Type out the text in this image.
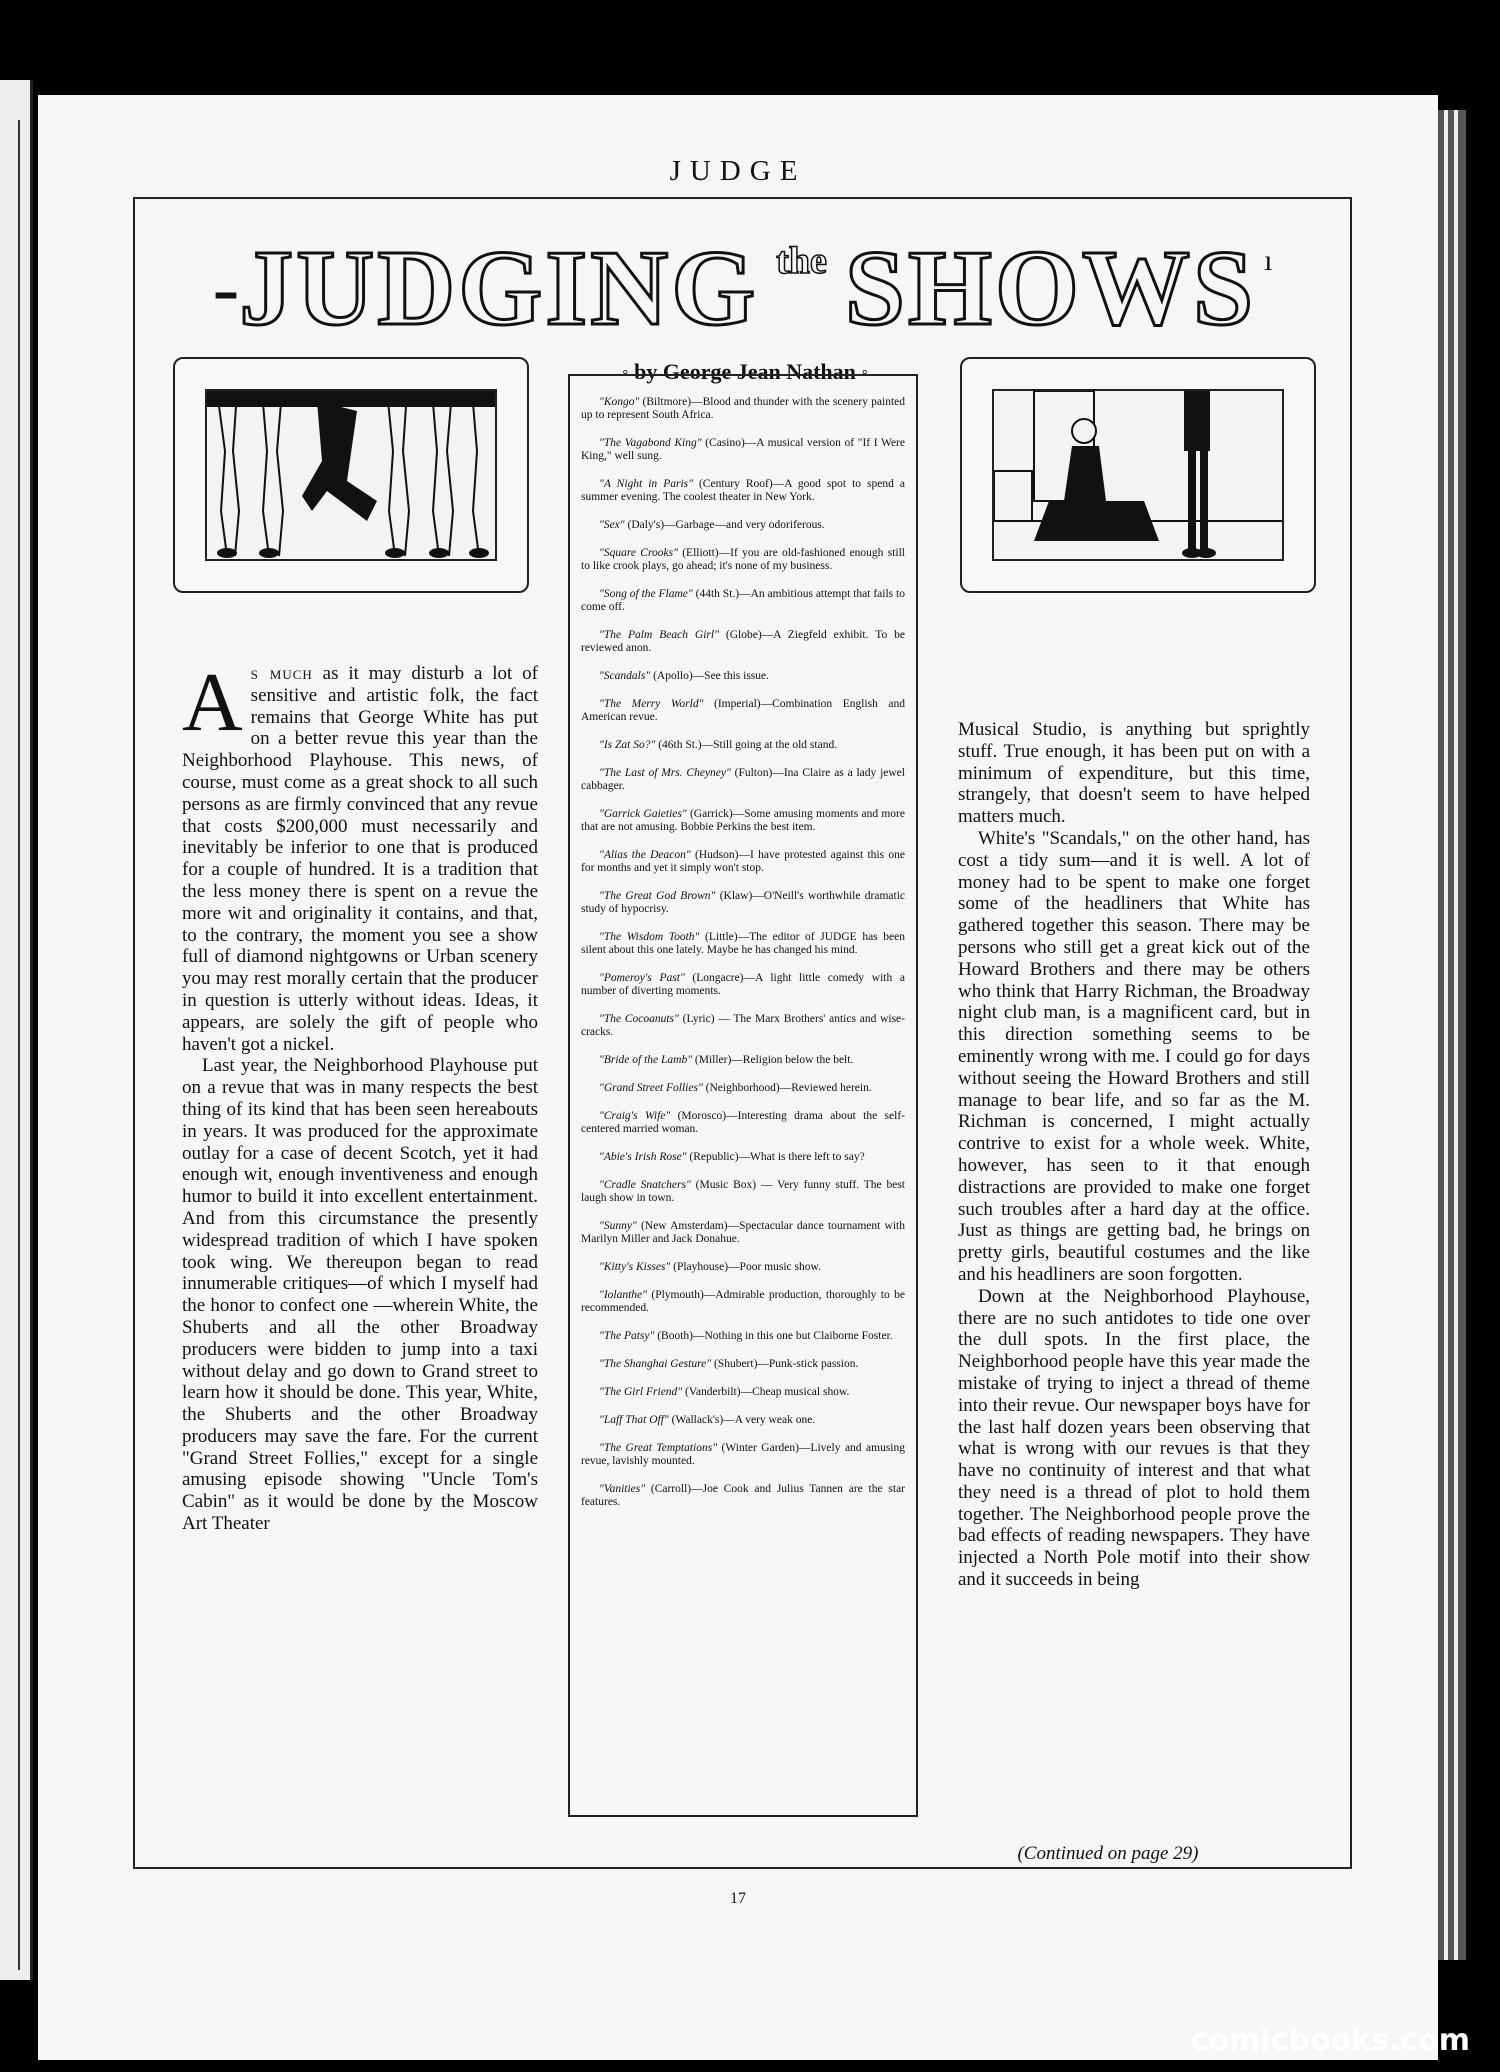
JUDGE
-JUDGING the SHOWS ı
° by George Jean Nathan °

"Kongo" (Biltmore)—Blood and thunder with the scenery painted up to represent South Africa.

"The Vagabond King" (Casino)—A musical version of "If I Were King," well sung.

"A Night in Paris" (Century Roof)—A good spot to spend a summer evening. The coolest theater in New York.

"Sex" (Daly's)—Garbage—and very odoriferous.

"Square Crooks" (Elliott)—If you are old-fashioned enough still to like crook plays, go ahead; it's none of my business.

"Song of the Flame" (44th St.)—An ambitious attempt that fails to come off.

"The Palm Beach Girl" (Globe)—A Ziegfeld exhibit. To be reviewed anon.

"Scandals" (Apollo)—See this issue.

"The Merry World" (Imperial)—Combination English and American revue.

"Is Zat So?" (46th St.)—Still going at the old stand.

"The Last of Mrs. Cheyney" (Fulton)—Ina Claire as a lady jewel cabbager.

"Garrick Gaieties" (Garrick)—Some amusing moments and more that are not amusing. Bobbie Perkins the best item.

"Alias the Deacon" (Hudson)—I have protested against this one for months and yet it simply won't stop.

"The Great God Brown" (Klaw)—O'Neill's worthwhile dramatic study of hypocrisy.

"The Wisdom Tooth" (Little)—The editor of JUDGE has been silent about this one lately. Maybe he has changed his mind.

"Pomeroy's Past" (Longacre)—A light little comedy with a number of diverting moments.

"The Cocoanuts" (Lyric) — The Marx Brothers' antics and wise-cracks.

"Bride of the Lamb" (Miller)—Religion below the belt.

"Grand Street Follies" (Neighborhood)—Reviewed herein.

"Craig's Wife" (Morosco)—Interesting drama about the self-centered married woman.

"Abie's Irish Rose" (Republic)—What is there left to say?

"Cradle Snatchers" (Music Box) — Very funny stuff. The best laugh show in town.

"Sunny" (New Amsterdam)—Spectacular dance tournament with Marilyn Miller and Jack Donahue.

"Kitty's Kisses" (Playhouse)—Poor music show.

"Iolanthe" (Plymouth)—Admirable production, thoroughly to be recommended.

"The Patsy" (Booth)—Nothing in this one but Claiborne Foster.

"The Shanghai Gesture" (Shubert)—Punk-stick passion.

"The Girl Friend" (Vanderbilt)—Cheap musical show.

"Laff That Off" (Wallack's)—A very weak one.

"The Great Temptations" (Winter Garden)—Lively and amusing revue, lavishly mounted.

"Vanities" (Carroll)—Joe Cook and Julius Tannen are the star features.

As much as it may disturb a lot of sensitive and artistic folk, the fact remains that George White has put on a better revue this year than the Neighborhood Playhouse. This news, of course, must come as a great shock to all such persons as are firmly convinced that any revue that costs $200,000 must necessarily and inevitably be inferior to one that is produced for a couple of hundred. It is a tradition that the less money there is spent on a revue the more wit and originality it contains, and that, to the contrary, the moment you see a show full of diamond nightgowns or Urban scenery you may rest morally certain that the producer in question is utterly without ideas. Ideas, it appears, are solely the gift of people who haven't got a nickel.

Last year, the Neighborhood Playhouse put on a revue that was in many respects the best thing of its kind that has been seen hereabouts in years. It was produced for the approximate outlay for a case of decent Scotch, yet it had enough wit, enough inventiveness and enough humor to build it into excellent entertainment. And from this circumstance the presently widespread tradition of which I have spoken took wing. We thereupon began to read innumerable critiques—of which I myself had the honor to confect one —wherein White, the Shuberts and all the other Broadway producers were bidden to jump into a taxi without delay and go down to Grand street to learn how it should be done. This year, White, the Shuberts and the other Broadway producers may save the fare. For the current "Grand Street Follies," except for a single amusing episode showing "Uncle Tom's Cabin" as it would be done by the Moscow Art Theater

Musical Studio, is anything but sprightly stuff. True enough, it has been put on with a minimum of expenditure, but this time, strangely, that doesn't seem to have helped matters much.

White's "Scandals," on the other hand, has cost a tidy sum—and it is well. A lot of money had to be spent to make one forget some of the headliners that White has gathered together this season. There may be persons who still get a great kick out of the Howard Brothers and there may be others who think that Harry Richman, the Broadway night club man, is a magnificent card, but in this direction something seems to be eminently wrong with me. I could go for days without seeing the Howard Brothers and still manage to bear life, and so far as the M. Richman is concerned, I might actually contrive to exist for a whole week. White, however, has seen to it that enough distractions are provided to make one forget such troubles after a hard day at the office. Just as things are getting bad, he brings on pretty girls, beautiful costumes and the like and his headliners are soon forgotten.

Down at the Neighborhood Playhouse, there are no such antidotes to tide one over the dull spots. In the first place, the Neighborhood people have this year made the mistake of trying to inject a thread of theme into their revue. Our newspaper boys have for the last half dozen years been observing that what is wrong with our revues is that they have no continuity of interest and that what they need is a thread of plot to hold them together. The Neighborhood people prove the bad effects of reading newspapers. They have injected a North Pole motif into their show and it succeeds in being

(Continued on page 29)
17
comicbooks.com
